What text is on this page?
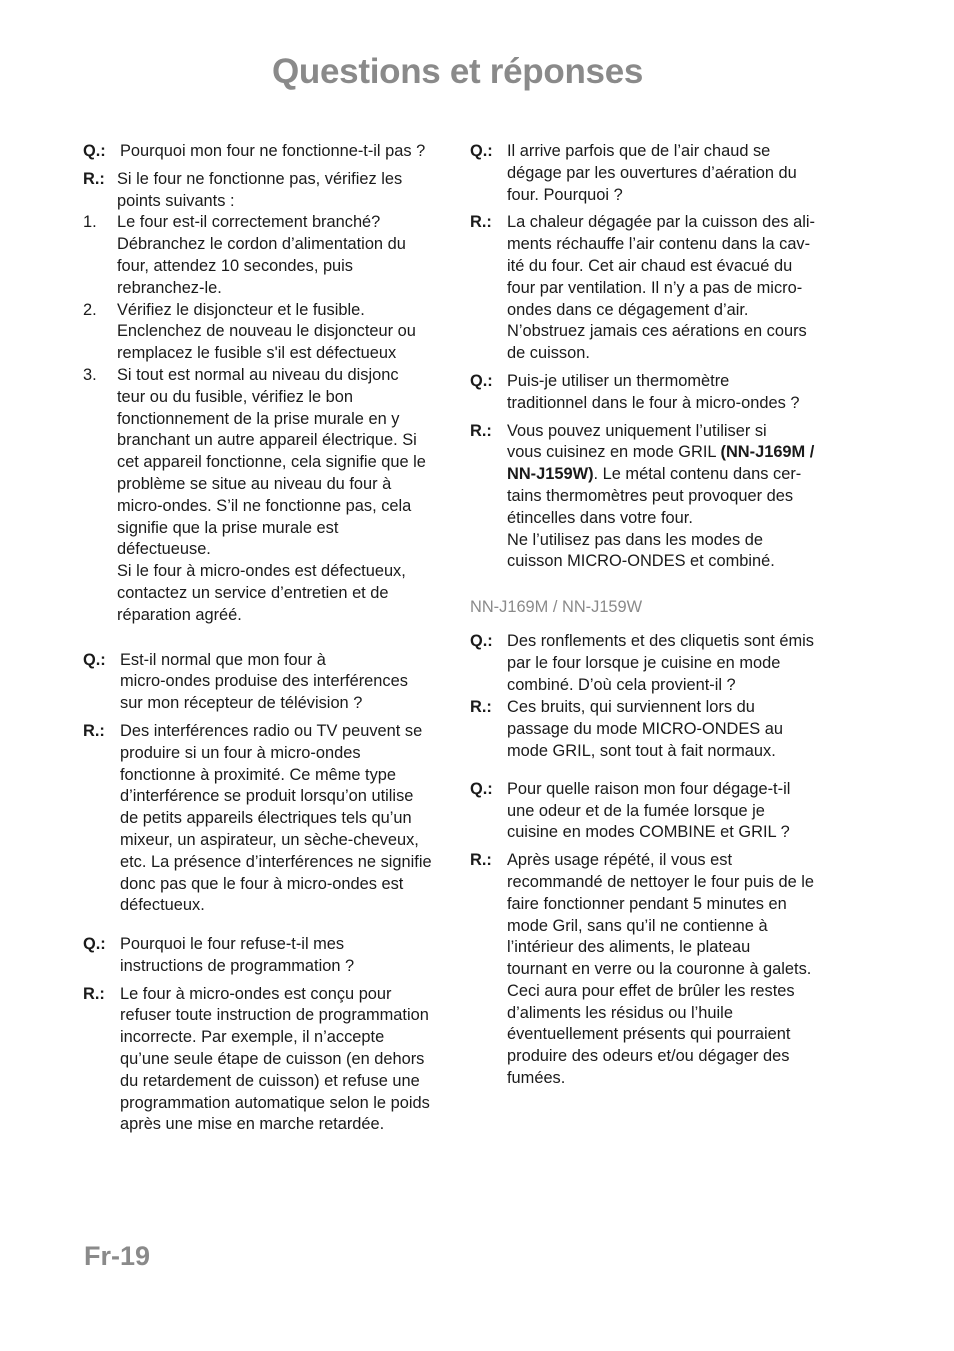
Questions et réponses
Q.: Pourquoi mon four ne fonctionne-t-il pas ?
R.: Si le four ne fonctionne pas, vérifiez les
points suivants :
1. Le four est-il correctement branché?
Débranchez le cordon d’alimentation du
four, attendez 10 secondes, puis
rebranchez-le.
2. Vérifiez le disjoncteur et le fusible.
Enclenchez de nouveau le disjoncteur ou
remplacez le fusible s'il est défectueux
3. Si tout est normal au niveau du disjonc
teur ou du fusible, vérifiez le bon
fonctionnement de la prise murale en y
branchant un autre appareil électrique. Si
cet appareil fonctionne, cela signifie que le
problème se situe au niveau du four à
micro-ondes. S’il ne fonctionne pas, cela
signifie que la prise murale est
défectueuse.
Si le four à micro-ondes est défectueux,
contactez un service d’entretien et de
réparation agréé.
Q.: Est-il normal que mon four à
micro-ondes produise des interférences
sur mon récepteur de télévision ?
R.: Des interférences radio ou TV peuvent se
produire si un four à micro-ondes
fonctionne à proximité. Ce même type
d’interférence se produit lorsqu’on utilise
de petits appareils électriques tels qu’un
mixeur, un aspirateur, un sèche-cheveux,
etc. La présence d’interférences ne signifie
donc pas que le four à micro-ondes est
défectueux.
Q.: Pourquoi le four refuse-t-il mes
instructions de programmation ?
R.: Le four à micro-ondes est conçu pour
refuser toute instruction de programmation
incorrecte. Par exemple, il n’accepte
qu’une seule étape de cuisson (en dehors
du retardement de cuisson) et refuse une
programmation automatique selon le poids
après une mise en marche retardée.
Q.: Il arrive parfois que de l’air chaud se
dégage par les ouvertures d’aération du
four. Pourquoi ?
R.: La chaleur dégagée par la cuisson des ali-
ments réchauffe l’air contenu dans la cav-
ité du four. Cet air chaud est évacué du
four par ventilation. Il n’y a pas de micro-
ondes dans ce dégagement d’air.
N’obstruez jamais ces aérations en cours
de cuisson.
Q.: Puis-je utiliser un thermomètre
traditionnel dans le four à micro-ondes ?
R.: Vous pouvez uniquement l’utiliser si
vous cuisinez en mode GRIL (NN-J169M /
NN-J159W). Le métal contenu dans cer-
tains thermomètres peut provoquer des
étincelles dans votre four.
Ne l’utilisez pas dans les modes de
cuisson MICRO-ONDES et combiné.
NN-J169M / NN-J159W
Q.: Des ronflements et des cliquetis sont émis
par le four lorsque je cuisine en mode
combiné. D’où cela provient-il ?
R.: Ces bruits, qui surviennent lors du
passage du mode MICRO-ONDES au
mode GRIL, sont tout à fait normaux.
Q.: Pour quelle raison mon four dégage-t-il
une odeur et de la fumée lorsque je
cuisine en modes COMBINE et GRIL ?
R.: Après usage répété, il vous est
recommandé de nettoyer le four puis de le
faire fonctionner pendant 5 minutes en
mode Gril, sans qu’il ne contienne à
l’intérieur des aliments, le plateau
tournant en verre ou la couronne à galets.
Ceci aura pour effet de brûler les restes
d’aliments les résidus ou l’huile
éventuellement présents qui pourraient
produire des odeurs et/ou dégager des
fumées.
Fr-19
